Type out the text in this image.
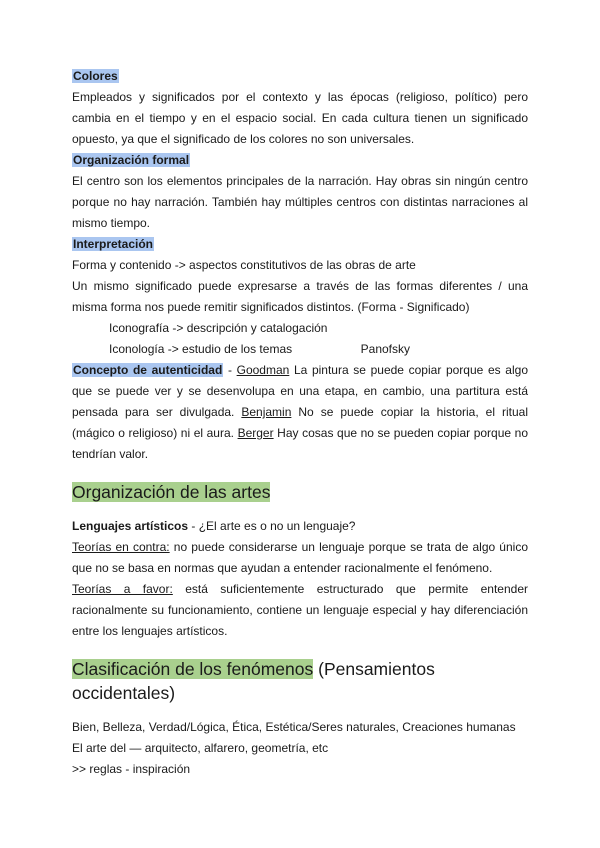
Colores
Empleados y significados por el contexto y las épocas (religioso, político) pero cambia en el tiempo y en el espacio social. En cada cultura tienen un significado opuesto, ya que el significado de los colores no son universales.

Organización formal
El centro son los elementos principales de la narración. Hay obras sin ningún centro porque no hay narración. También hay múltiples centros con distintas narraciones al mismo tiempo.

Interpretación
Forma y contenido -> aspectos constitutivos de las obras de arte
Un mismo significado puede expresarse a través de las formas diferentes / una misma forma nos puede remitir significados distintos. (Forma - Significado)

Iconografía -> descripción y catalogación
Iconología -> estudio de los temas	Panofsky

Concepto de autenticidad - Goodman La pintura se puede copiar porque es algo que se puede ver y se desenvolupa en una etapa, en cambio, una partitura está pensada para ser divulgada. Benjamin No se puede copiar la historia, el ritual (mágico o religioso) ni el aura. Berger Hay cosas que no se pueden copiar porque no tendrían valor.

Organización de las artes

Lenguajes artísticos - ¿El arte es o no un lenguaje?
Teorías en contra: no puede considerarse un lenguaje porque se trata de algo único que no se basa en normas que ayudan a entender racionalmente el fenómeno.
Teorías a favor: está suficientemente estructurado que permite entender racionalmente su funcionamiento, contiene un lenguaje especial y hay diferenciación entre los lenguajes artísticos.

Clasificación de los fenómenos (Pensamientos occidentales)

Bien, Belleza, Verdad/Lógica, Ética, Estética/Seres naturales, Creaciones humanas
El arte del — arquitecto, alfarero, geometría, etc
>> reglas - inspiración
